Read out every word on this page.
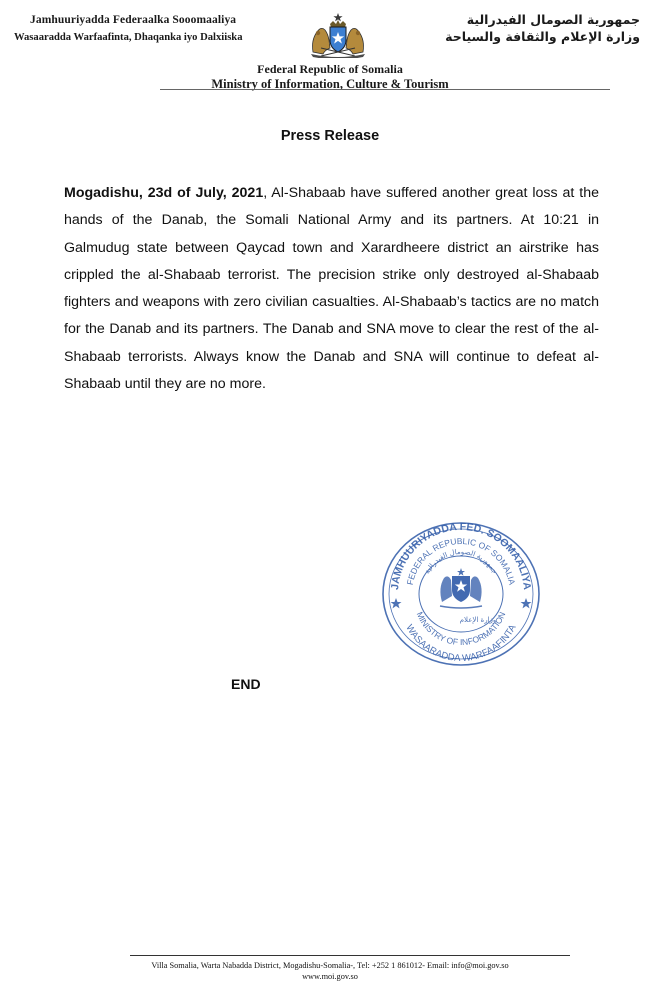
Jamhuuriyadda Federaalka Sooomaaliya
Wasaaradda Warfaafinta, Dhaqanka iyo Dalxiiska
جمهورية الصومال الفيدرالية
وزارة الإعلام والثقافة والسياحة
Federal Republic of Somalia
Ministry of Information, Culture & Tourism
Press Release
Mogadishu, 23d of July, 2021, Al-Shabaab have suffered another great loss at the hands of the Danab, the Somali National Army and its partners. At 10:21 in Galmudug state between Qaycad town and Xarardheere district an airstrike has crippled the al-Shabaab terrorist. The precision strike only destroyed al-Shabaab fighters and weapons with zero civilian casualties. Al-Shabaab’s tactics are no match for the Danab and its partners. The Danab and SNA move to clear the rest of the al-Shabaab terrorists. Always know the Danab and SNA will continue to defeat al-Shabaab until they are no more.
JAMHUURIYADDA FED. SOOMAALIYA
FEDERAL REPUBLIC OF SOMALIA
جمهورية الصومال الفيدرالية
MINISTRY OF INFORMATION
WASAARADDA WARFAAFINTA
وزارة الإعلام
END
Villa Somalia, Warta Nabadda District, Mogadishu-Somalia-, Tel: +252 1 861012- Email: info@moi.gov.so
www.moi.gov.so
